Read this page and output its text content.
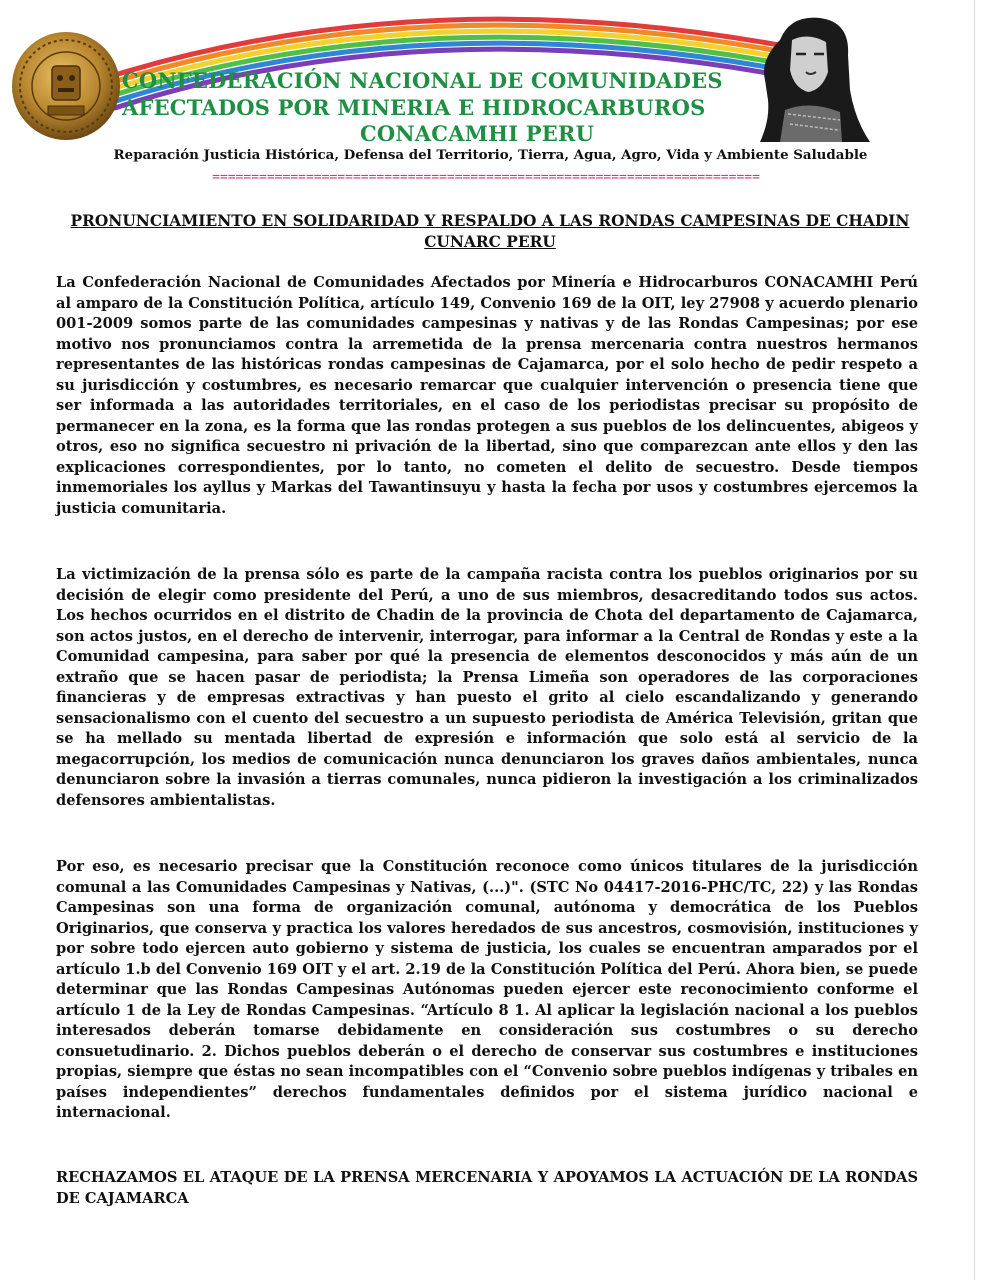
CONFEDERACIÓN NACIONAL DE COMUNIDADES
AFECTADOS POR MINERIA E HIDROCARBUROS
CONACAMHI PERU
Reparación Justicia Histórica, Defensa del Territorio, Tierra, Agua, Agro, Vida y Ambiente Saludable
======================================================================
PRONUNCIAMIENTO EN SOLIDARIDAD Y RESPALDO A LAS RONDAS CAMPESINAS DE CHADIN CUNARC PERU

La Confederación Nacional de Comunidades Afectados por Minería e Hidrocarburos CONACAMHI Perú al amparo de la Constitución Política, artículo 149, Convenio 169 de la OIT, ley 27908 y acuerdo plenario 001-2009 somos parte de las comunidades campesinas y nativas y de las Rondas Campesinas; por ese motivo nos pronunciamos contra la arremetida de la prensa mercenaria contra nuestros hermanos representantes de las históricas rondas campesinas de Cajamarca, por el solo hecho de pedir respeto a su jurisdicción y costumbres, es necesario remarcar que cualquier intervención o presencia tiene que ser informada a las autoridades territoriales, en el caso de los periodistas precisar su propósito de permanecer en la zona, es la forma que las rondas protegen a sus pueblos de los delincuentes, abigeos y otros, eso no significa secuestro ni privación de la libertad, sino que comparezcan ante ellos y den las explicaciones correspondientes, por lo tanto, no cometen el delito de secuestro. Desde tiempos inmemoriales los ayllus y Markas del Tawantinsuyu y hasta la fecha por usos y costumbres ejercemos la justicia comunitaria.

La victimización de la prensa sólo es parte de la campaña racista contra los pueblos originarios por su decisión de elegir como presidente del Perú, a uno de sus miembros, desacreditando todos sus actos. Los hechos ocurridos en el distrito de Chadin de la provincia de Chota del departamento de Cajamarca, son actos justos, en el derecho de intervenir, interrogar, para informar a la Central de Rondas y este a la Comunidad campesina, para saber por qué la presencia de elementos desconocidos y más aún de un extraño que se hacen pasar de periodista; la Prensa Limeña son operadores de las corporaciones financieras y de empresas extractivas y han puesto el grito al cielo escandalizando y generando sensacionalismo con el cuento del secuestro a un supuesto periodista de América Televisión, gritan que se ha mellado su mentada libertad de expresión e información que solo está al servicio de la megacorrupción, los medios de comunicación nunca denunciaron los graves daños ambientales, nunca denunciaron sobre la invasión a tierras comunales, nunca pidieron la investigación a los criminalizados defensores ambientalistas.

Por eso, es necesario precisar que la Constitución reconoce como únicos titulares de la jurisdicción comunal a las Comunidades Campesinas y Nativas, (...)". (STC No 04417-2016-PHC/TC, 22) y las Rondas Campesinas son una forma de organización comunal, autónoma y democrática de los Pueblos Originarios, que conserva y practica los valores heredados de sus ancestros, cosmovisión, instituciones y por sobre todo ejercen auto gobierno y sistema de justicia, los cuales se encuentran amparados por el artículo 1.b del Convenio 169 OIT y el art. 2.19 de la Constitución Política del Perú. Ahora bien, se puede determinar que las Rondas Campesinas Autónomas pueden ejercer este reconocimiento conforme el artículo 1 de la Ley de Rondas Campesinas. “Artículo 8 1. Al aplicar la legislación nacional a los pueblos interesados deberán tomarse debidamente en consideración sus costumbres o su derecho consuetudinario. 2. Dichos pueblos deberán o el derecho de conservar sus costumbres e instituciones propias, siempre que éstas no sean incompatibles con el “Convenio sobre pueblos indígenas y tribales en países independientes” derechos fundamentales definidos por el sistema jurídico nacional e internacional.

RECHAZAMOS EL ATAQUE DE LA PRENSA MERCENARIA Y APOYAMOS LA ACTUACIÓN DE LA RONDAS DE CAJAMARCA
